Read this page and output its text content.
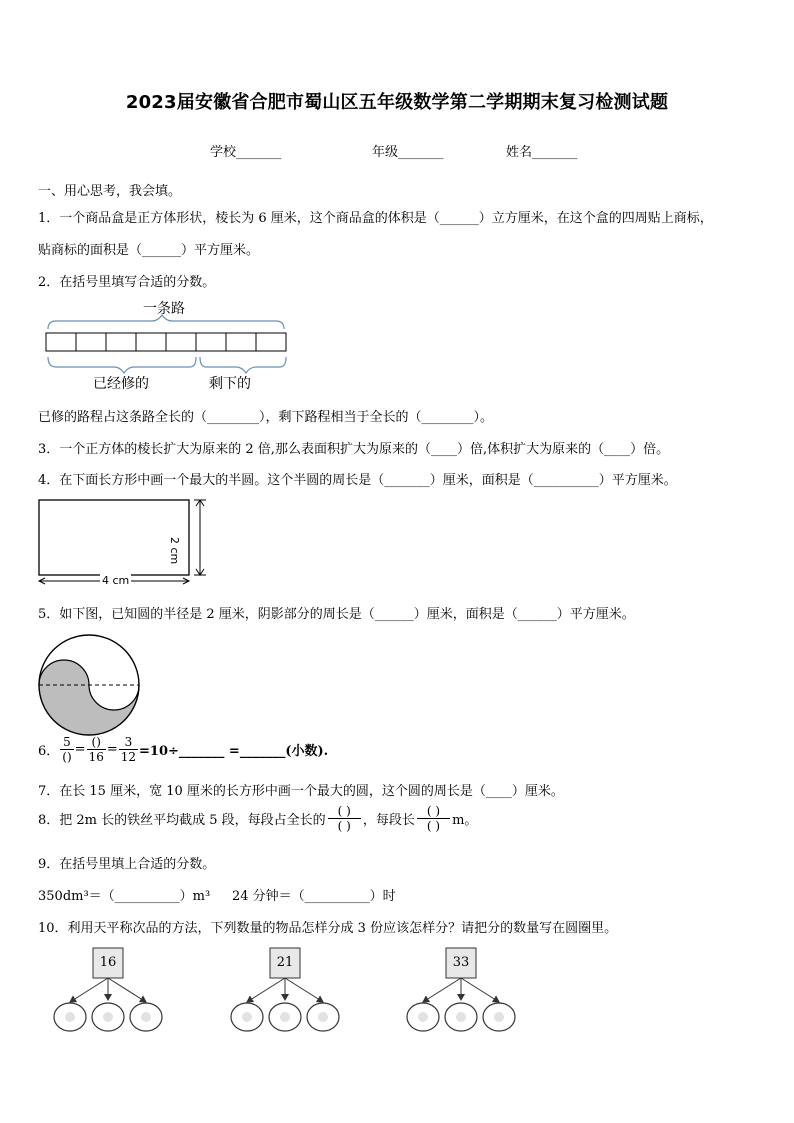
2023届安徽省合肥市蜀山区五年级数学第二学期期末复习检测试题
学校_______	年级_______	姓名_______
一、用心思考，我会填。
1．一个商品盒是正方体形状，棱长为 6 厘米，这个商品盒的体积是（______）立方厘米，在这个盒的四周贴上商标，
贴商标的面积是（______）平方厘米。
2．在括号里填写合适的分数。
一条路
已经修的	剩下的
已修的路程占这条路全长的（________），剩下路程相当于全长的（________）。
3．一个正方体的棱长扩大为原来的 2 倍,那么表面积扩大为原来的（____）倍,体积扩大为原来的（____）倍。
4．在下面长方形中画一个最大的半圆。这个半圆的周长是（_______）厘米，面积是（__________）平方厘米。
4 cm
2 cm
5．如下图，已知圆的半径是 2 厘米，阴影部分的周长是（______）厘米，面积是（______）平方厘米。
6．
5
() = ()
$16 = \frac{3}{12}$ =10÷_______ =_______(小数).
7．在长 15 厘米，宽 10 厘米的长方形中画一个最大的圆，这个圆的周长是（____）厘米。
8．把 2m 长的铁丝平均截成 5 段，每段占全长的
( )
( ) ，每段长
( )
( ) m。
9．在括号里填上合适的分数。
350dm³＝（__________）m³ 24 分钟＝（__________）时
10．利用天平称次品的方法，下列数量的物品怎样分成 3 份应该怎样分？请把分的数量写在圆圈里。
16	21	33
